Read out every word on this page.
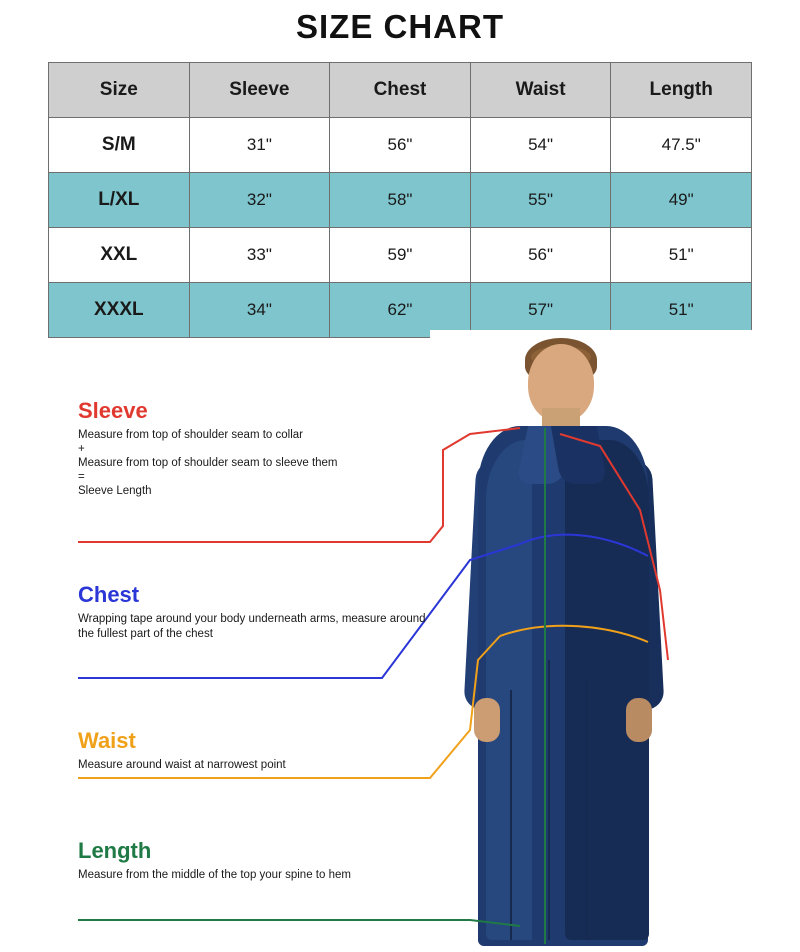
SIZE CHART
Size	Sleeve	Chest	Waist	Length
S/M	31"	56"	54"	47.5"
L/XL	32"	58"	55"	49"
XXL	33"	59"	56"	51"
XXXL	34"	62"	57"	51"
Sleeve

Measure from top of shoulder seam to collar
+
Measure from top of shoulder seam to sleeve them
=
Sleeve Length

Chest

Wrapping tape around your body underneath arms, measure around the fullest part of the chest

Waist

Measure around waist at narrowest point

Length

Measure from the middle of the top your spine to hem
